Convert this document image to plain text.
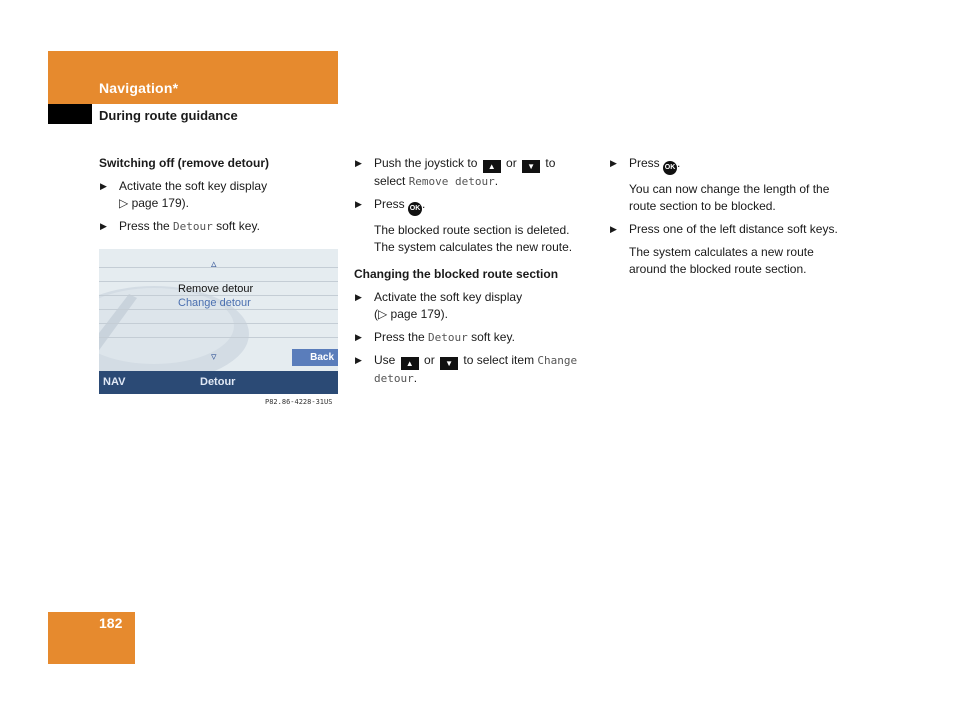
Navigation*
During route guidance
Switching off (remove detour)
▶ Activate the soft key display
▷ page 179).
▶ Press the Detour soft key.
▵
Remove detour
Change detour
▿	Back
NAV	Detour
P82.86-4228-31US
▶ Push the joystick to ▲ or ▼ to
select Remove detour.
▶ Press OK .
The blocked route section is deleted.
The system calculates the new route.
Changing the blocked route section
▶ Activate the soft key display
(▷ page 179).
▶ Press the Detour soft key.
▶ Use ▲ or ▼ to select item Change
detour.
▶ Press OK .
You can now change the length of the
route section to be blocked.
▶ Press one of the left distance soft keys.
The system calculates a new route
around the blocked route section.
182
